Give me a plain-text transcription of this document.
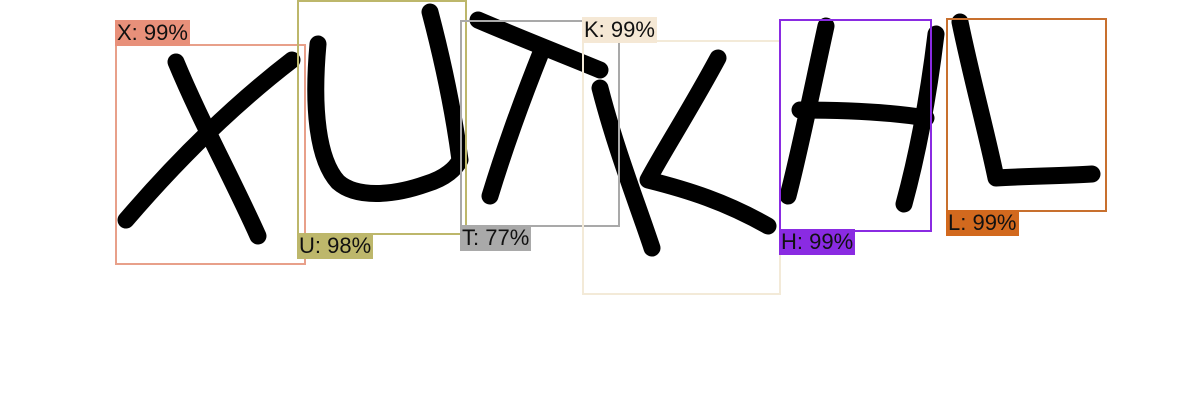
X: 99%
U: 98%	T: 77%
K: 99%
H: 99%
L: 99%
